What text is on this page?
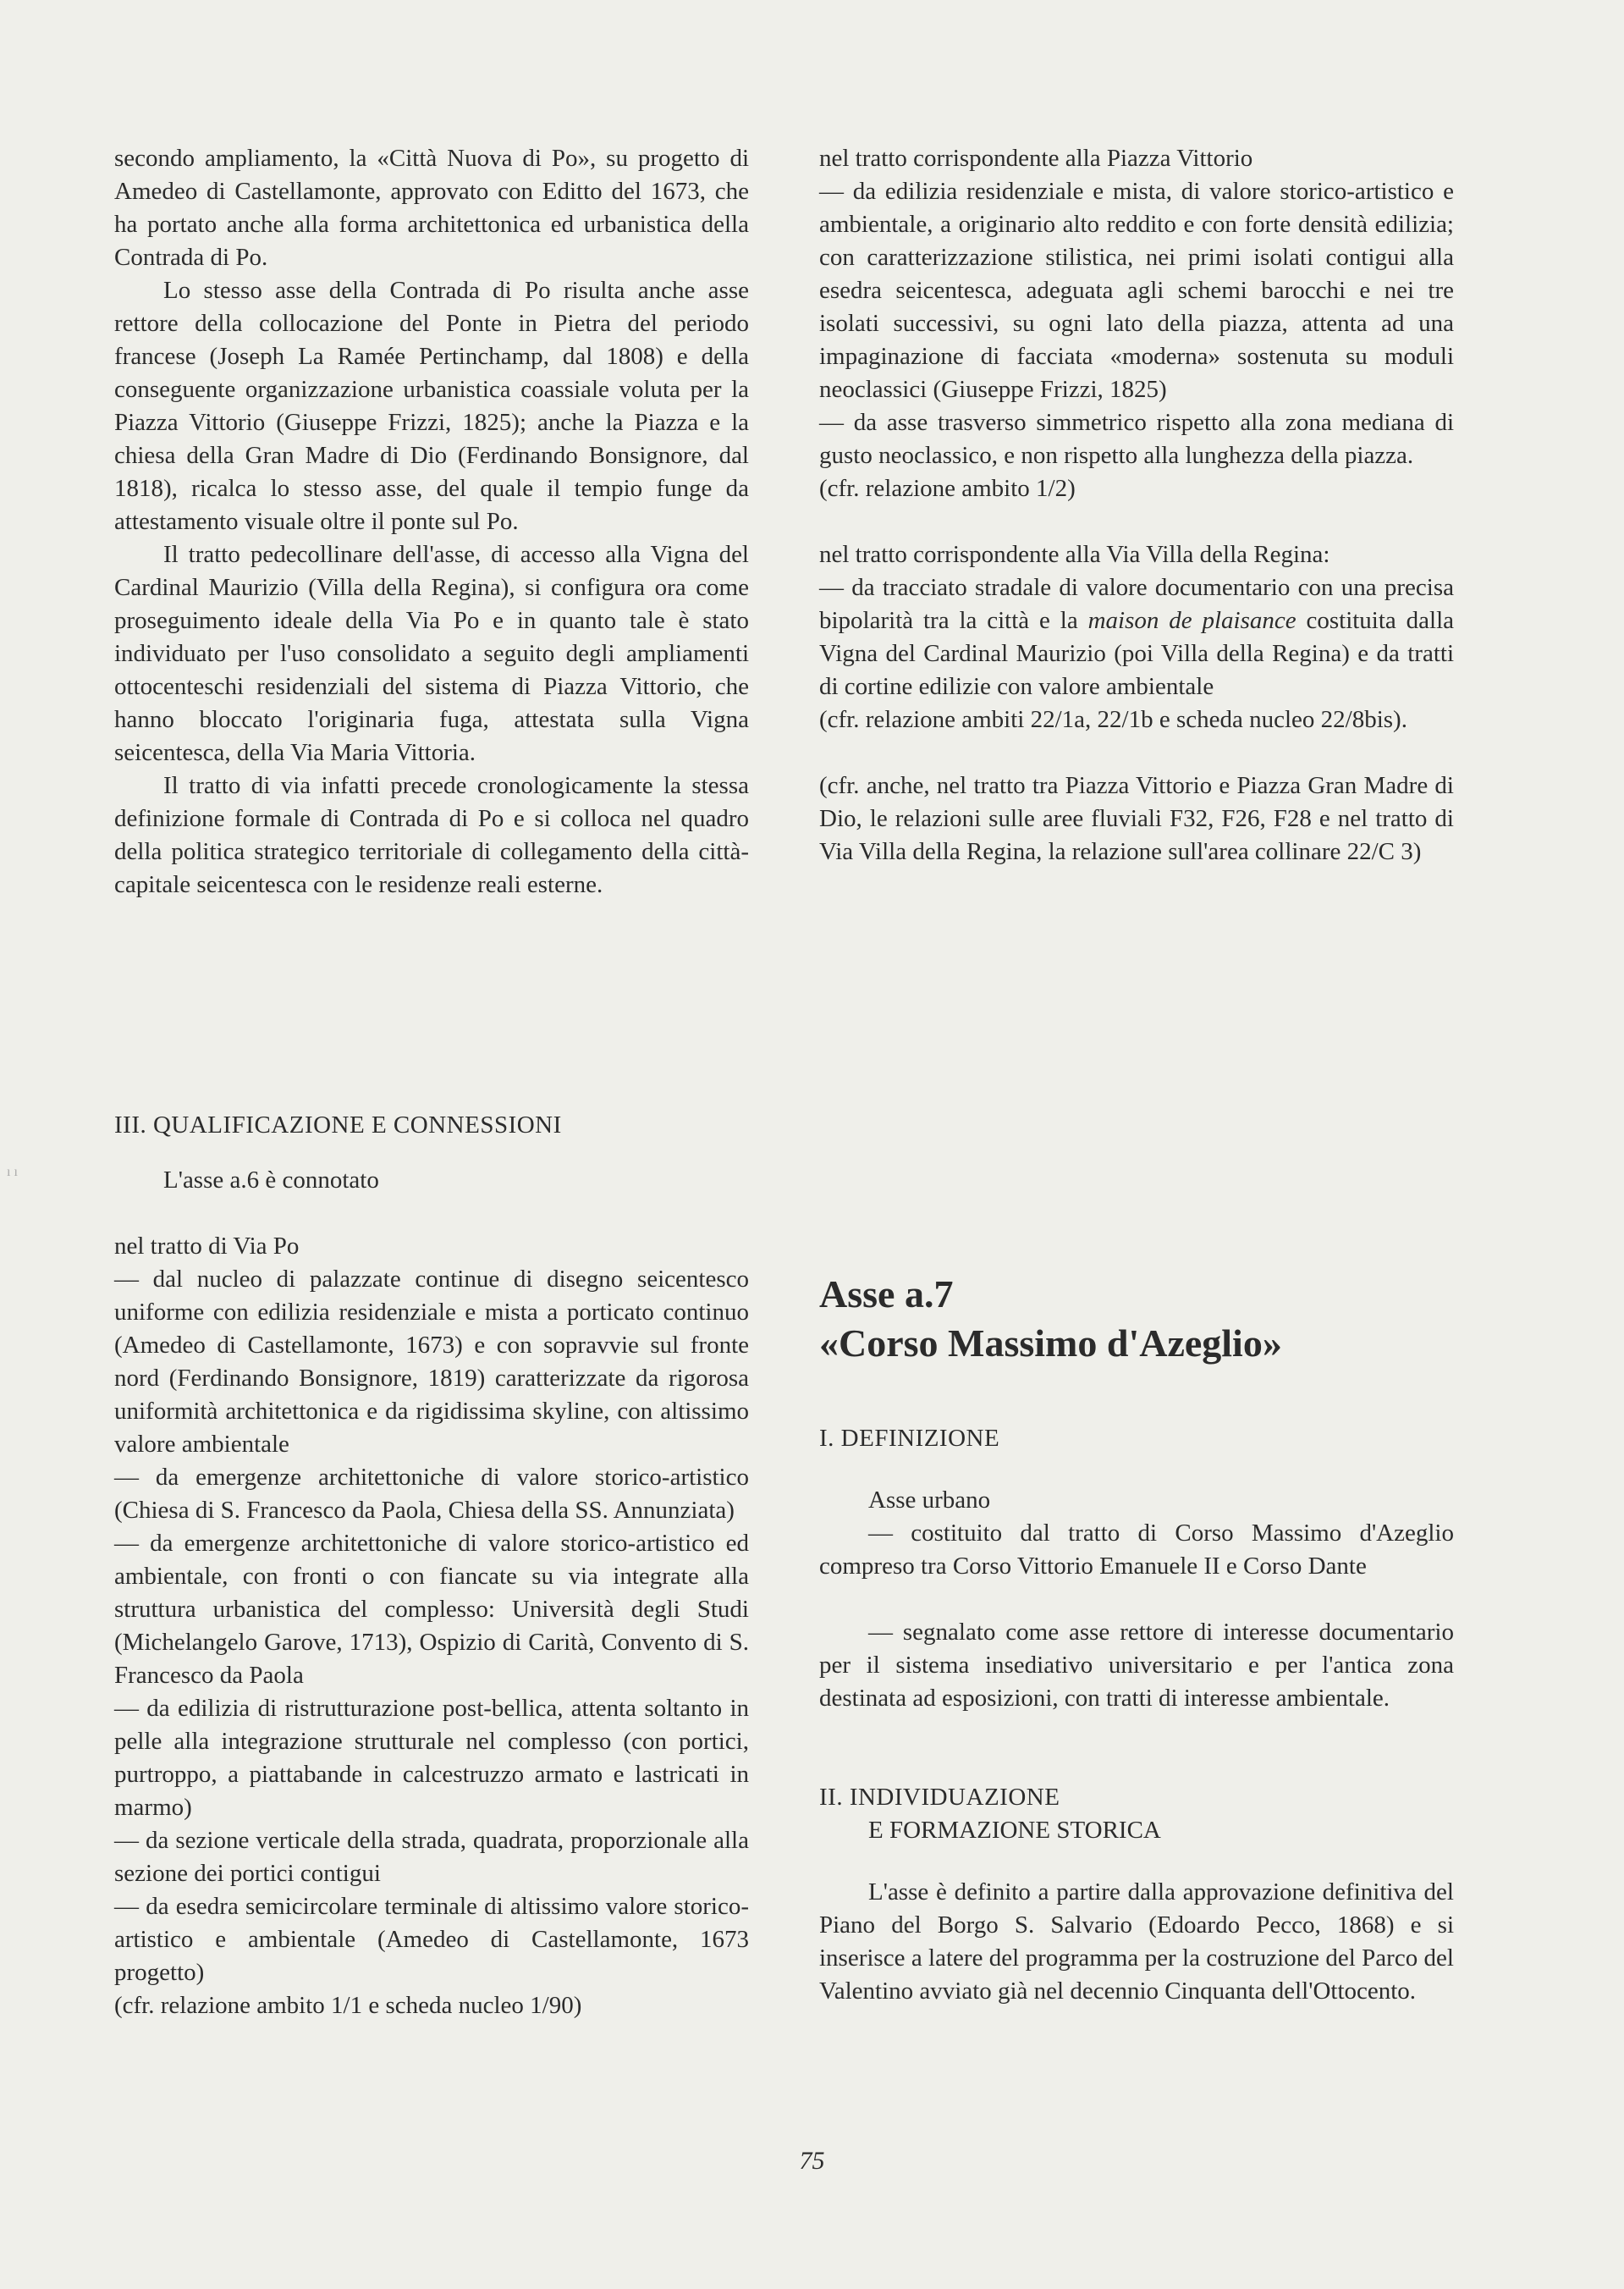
ı ı

secondo ampliamento, la «Città Nuova di Po», su progetto di Amedeo di Castellamonte, approvato con Editto del 1673, che ha portato anche alla forma architettonica ed urbanistica della Contrada di Po.

Lo stesso asse della Contrada di Po risulta anche asse rettore della collocazione del Ponte in Pietra del periodo francese (Joseph La Ramée Pertinchamp, dal 1808) e della conseguente organizzazione urbanistica coassiale voluta per la Piazza Vittorio (Giuseppe Frizzi, 1825); anche la Piazza e la chiesa della Gran Madre di Dio (Ferdinando Bonsignore, dal 1818), ricalca lo stesso asse, del quale il tempio funge da attestamento visuale oltre il ponte sul Po.

Il tratto pedecollinare dell'asse, di accesso alla Vigna del Cardinal Maurizio (Villa della Regina), si configura ora come proseguimento ideale della Via Po e in quanto tale è stato individuato per l'uso consolidato a seguito degli ampliamenti ottocenteschi residenziali del sistema di Piazza Vittorio, che hanno bloccato l'originaria fuga, attestata sulla Vigna seicentesca, della Via Maria Vittoria.

Il tratto di via infatti precede cronologicamente la stessa definizione formale di Contrada di Po e si colloca nel quadro della politica strategico territoriale di collegamento della città-capitale seicentesca con le residenze reali esterne.

nel tratto corrispondente alla Piazza Vittorio

— da edilizia residenziale e mista, di valore storico-artistico e ambientale, a originario alto reddito e con forte densità edilizia; con caratterizzazione stilistica, nei primi isolati contigui alla esedra seicentesca, adeguata agli schemi barocchi e nei tre isolati successivi, su ogni lato della piazza, attenta ad una impaginazione di facciata «moderna» sostenuta su moduli neoclassici (Giuseppe Frizzi, 1825)

— da asse trasverso simmetrico rispetto alla zona mediana di gusto neoclassico, e non rispetto alla lunghezza della piazza.

(cfr. relazione ambito 1/2)

nel tratto corrispondente alla Via Villa della Regina:

— da tracciato stradale di valore documentario con una precisa bipolarità tra la città e la maison de plaisance costituita dalla Vigna del Cardinal Maurizio (poi Villa della Regina) e da tratti di cortine edilizie con valore ambientale

(cfr. relazione ambiti 22/1a, 22/1b e scheda nucleo 22/8bis).

(cfr. anche, nel tratto tra Piazza Vittorio e Piazza Gran Madre di Dio, le relazioni sulle aree fluviali F32, F26, F28 e nel tratto di Via Villa della Regina, la relazione sull'area collinare 22/C 3)

III. QUALIFICAZIONE E CONNESSIONI

L'asse a.6 è connotato

nel tratto di Via Po

— dal nucleo di palazzate continue di disegno seicentesco uniforme con edilizia residenziale e mista a porticato continuo (Amedeo di Castellamonte, 1673) e con sopravvie sul fronte nord (Ferdinando Bonsignore, 1819) caratterizzate da rigorosa uniformità architettonica e da rigidissima skyline, con altissimo valore ambientale

— da emergenze architettoniche di valore storico-artistico (Chiesa di S. Francesco da Paola, Chiesa della SS. Annunziata)

— da emergenze architettoniche di valore storico-artistico ed ambientale, con fronti o con fiancate su via integrate alla struttura urbanistica del complesso: Università degli Studi (Michelangelo Garove, 1713), Ospizio di Carità, Convento di S. Francesco da Paola

— da edilizia di ristrutturazione post-bellica, attenta soltanto in pelle alla integrazione strutturale nel complesso (con portici, purtroppo, a piattabande in calcestruzzo armato e lastricati in marmo)

— da sezione verticale della strada, quadrata, proporzionale alla sezione dei portici contigui

— da esedra semicircolare terminale di altissimo valore storico-artistico e ambientale (Amedeo di Castellamonte, 1673 progetto)

(cfr. relazione ambito 1/1 e scheda nucleo 1/90)

Asse a.7
«Corso Massimo d'Azeglio»

I. DEFINIZIONE

Asse urbano

— costituito dal tratto di Corso Massimo d'Azeglio compreso tra Corso Vittorio Emanuele II e Corso Dante

— segnalato come asse rettore di interesse documentario per il sistema insediativo universitario e per l'antica zona destinata ad esposizioni, con tratti di interesse ambientale.

II. INDIVIDUAZIONE

E FORMAZIONE STORICA

L'asse è definito a partire dalla approvazione definitiva del Piano del Borgo S. Salvario (Edoardo Pecco, 1868) e si inserisce a latere del programma per la costruzione del Parco del Valentino avviato già nel decennio Cinquanta dell'Ottocento.

75
